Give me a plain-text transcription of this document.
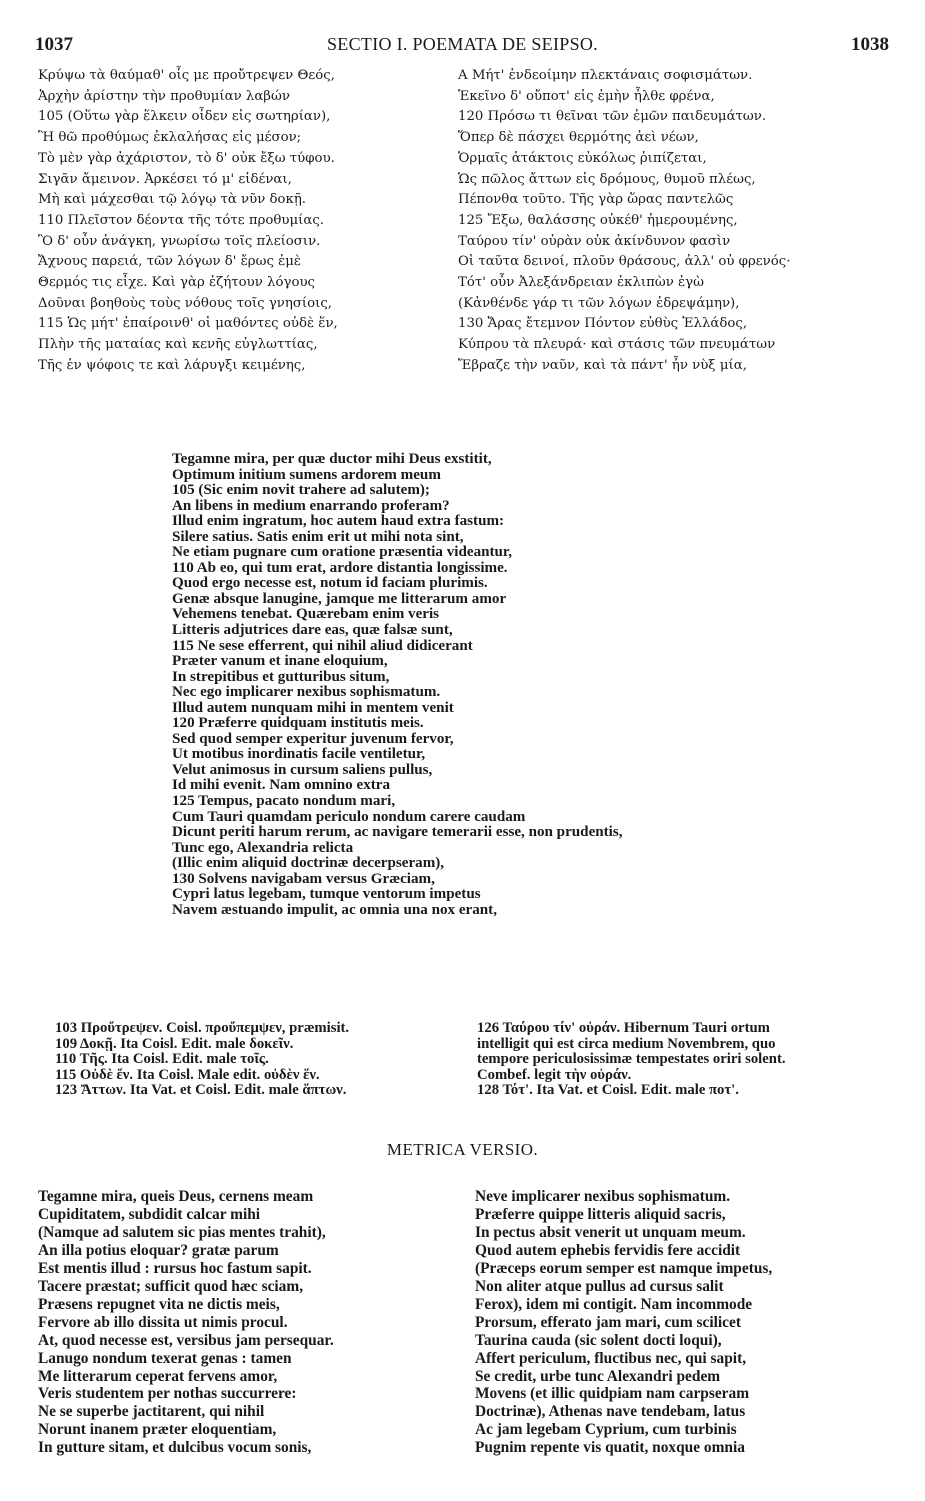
1037	SECTIO I. POEMATA DE SEIPSO.	1038
Κρύψω τὰ θαύμαθ' οἷς με προὔτρεψεν Θεός,
Ἀρχὴν ἀρίστην τὴν προθυμίαν λαβών
105 (Οὕτω γὰρ ἕλκειν οἶδεν εἰς σωτηρίαν),
Ἢ θῶ προθύμως ἐκλαλήσας εἰς μέσον;
Τὸ μὲν γὰρ ἀχάριστον, τὸ δ' οὐκ ἔξω τύφου.
Σιγᾶν ἄμεινον. Ἀρκέσει τό μ' εἰδέναι,
Μὴ καὶ μάχεσθαι τῷ λόγῳ τὰ νῦν δοκῇ.
110 Πλεῖστον δέοντα τῆς τότε προθυμίας.
Ὃ δ' οὖν ἀνάγκη, γνωρίσω τοῖς πλείοσιν.
Ἄχνους παρειά, τῶν λόγων δ' ἔρως ἐμὲ
Θερμός τις εἶχε. Καὶ γὰρ ἐζήτουν λόγους
Δοῦναι βοηθοὺς τοὺς νόθους τοῖς γνησίοις,
115 Ὡς μήτ' ἐπαίροινθ' οἱ μαθόντες οὐδὲ ἕν,
Πλὴν τῆς ματαίας καὶ κενῆς εὐγλωττίας,
Τῆς ἐν ψόφοις τε καὶ λάρυγξι κειμένης,
A Μήτ' ἐνδεοίμην πλεκτάναις σοφισμάτων.
Ἐκεῖνο δ' οὔποτ' εἰς ἐμὴν ἦλθε φρένα,
120 Πρόσω τι θεῖναι τῶν ἐμῶν παιδευμάτων.
Ὅπερ δὲ πάσχει θερμότης ἀεὶ νέων,
Ὁρμαῖς ἀτάκτοις εὐκόλως ῥιπίζεται,
Ὡς πῶλος ἄττων εἰς δρόμους, θυμοῦ πλέως,
Πέπονθα τοῦτο. Τῆς γὰρ ὥρας παντελῶς
125 Ἔξω, θαλάσσης οὐκέθ' ἡμερουμένης,
Ταύρου τίν' οὐρὰν οὐκ ἀκίνδυνον φασὶν
Οἱ ταῦτα δεινοί, πλοῦν θράσους, ἀλλ' οὐ φρενός·
Τότ' οὖν Ἀλεξάνδρειαν ἐκλιπὼν ἐγὼ
(Κἀνθένδε γάρ τι τῶν λόγων ἐδρεψάμην),
130 Ἄρας ἔτεμνον Πόντον εὐθὺς Ἑλλάδος,
Κύπρου τὰ πλευρά· καὶ στάσις τῶν πνευμάτων
Ἔβραζε τὴν ναῦν, καὶ τὰ πάντ' ἦν νὺξ μία,
Tegamne mira, per quæ ductor mihi Deus exstitit,
Optimum initium sumens ardorem meum
105 (Sic enim novit trahere ad salutem);
An libens in medium enarrando proferam?
Illud enim ingratum, hoc autem haud extra fastum:
Silere satius. Satis enim erit ut mihi nota sint,
Ne etiam pugnare cum oratione præsentia videantur,
110 Ab eo, qui tum erat, ardore distantia longissime.
Quod ergo necesse est, notum id faciam plurimis.
Genæ absque lanugine, jamque me litterarum amor
Vehemens tenebat. Quærebam enim veris
Litteris adjutrices dare eas, quæ falsæ sunt,
115 Ne sese efferrent, qui nihil aliud didicerant
Præter vanum et inane eloquium,
In strepitibus et gutturibus situm,
Nec ego implicarer nexibus sophismatum.
Illud autem nunquam mihi in mentem venit
120 Præferre quidquam institutis meis.
Sed quod semper experitur juvenum fervor,
Ut motibus inordinatis facile ventiletur,
Velut animosus in cursum saliens pullus,
Id mihi evenit. Nam omnino extra
125 Tempus, pacato nondum mari,
Cum Tauri quamdam periculo nondum carere caudam
Dicunt periti harum rerum, ac navigare temerarii esse, non prudentis,
Tunc ego, Alexandria relicta
(Illic enim aliquid doctrinæ decerpseram),
130 Solvens navigabam versus Græciam,
Cypri latus legebam, tumque ventorum impetus
Navem æstuando impulit, ac omnia una nox erant,
103 Προὔτρεψεν. Coisl. προὔπεμψεν, præmisit.
109 Δοκῇ. Ita Coisl. Edit. male δοκεῖν.
110 Τῆς. Ita Coisl. Edit. male τοῖς.
115 Οὐδὲ ἕν. Ita Coisl. Male edit. οὐδὲν ἕν.
123 Ἄττων. Ita Vat. et Coisl. Edit. male ἅπτων.
126 Ταύρου τίν' οὐράν. Hibernum Tauri ortum
intelligit qui est circa medium Novembrem, quo
tempore periculosissimæ tempestates oriri solent.
Combef. legit τὴν οὐράν.
128 Τότ'. Ita Vat. et Coisl. Edit. male ποτ'.
METRICA VERSIO.
Tegamne mira, queis Deus, cernens meam
Cupiditatem, subdidit calcar mihi
(Namque ad salutem sic pias mentes trahit),
An illa potius eloquar? gratæ parum
Est mentis illud : rursus hoc fastum sapit.
Tacere præstat; sufficit quod hæc sciam,
Præsens repugnet vita ne dictis meis,
Fervore ab illo dissita ut nimis procul.
At, quod necesse est, versibus jam persequar.
Lanugo nondum texerat genas : tamen
Me litterarum ceperat fervens amor,
Veris studentem per nothas succurrere:
Ne se superbe jactitarent, qui nihil
Norunt inanem præter eloquentiam,
In gutture sitam, et dulcibus vocum sonis,
Neve implicarer nexibus sophismatum.
Præferre quippe litteris aliquid sacris,
In pectus absit venerit ut unquam meum.
Quod autem ephebis fervidis fere accidit
(Præceps eorum semper est namque impetus,
Non aliter atque pullus ad cursus salit
Ferox), idem mi contigit. Nam incommode
Prorsum, efferato jam mari, cum scilicet
Taurina cauda (sic solent docti loqui),
Affert periculum, fluctibus nec, qui sapit,
Se credit, urbe tunc Alexandri pedem
Movens (et illic quidpiam nam carpseram
Doctrinæ), Athenas nave tendebam, latus
Ac jam legebam Cyprium, cum turbinis
Pugnim repente vis quatit, noxque omnia
